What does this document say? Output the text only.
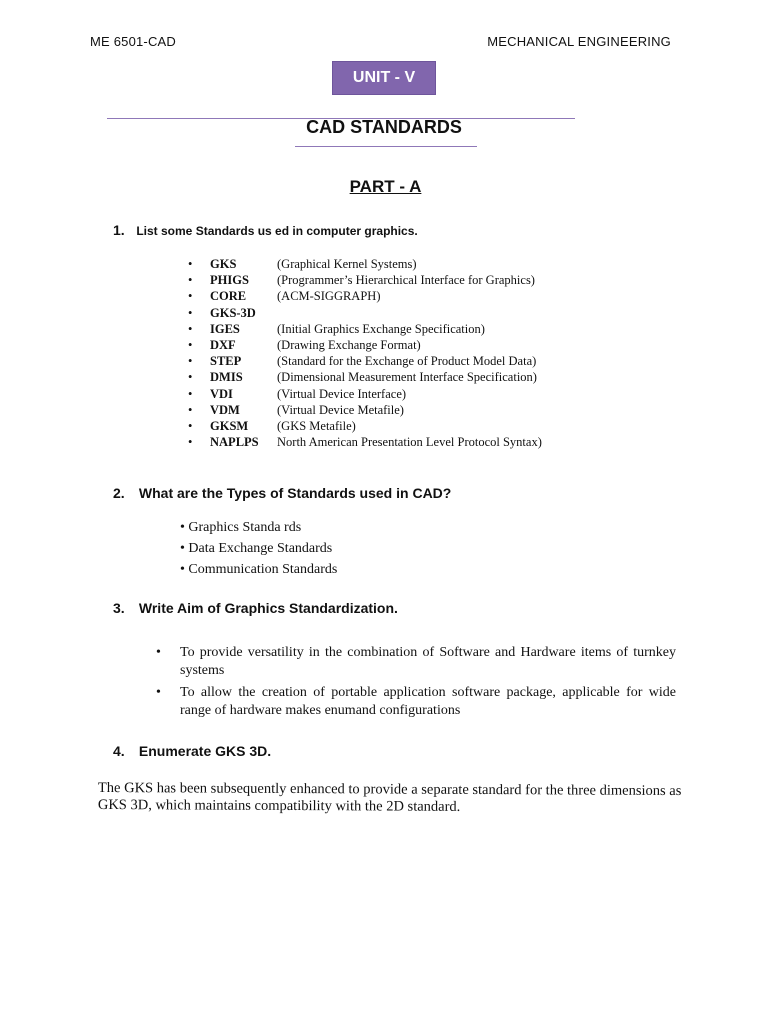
ME 6501-CAD	MECHANICAL ENGINEERING
UNIT - V
CAD STANDARDS
PART - A
1. List some Standards us ed in computer graphics.
•	GKS	(Graphical Kernel Systems)
•	PHIGS	(Programmer’s Hierarchical Interface for Graphics)
•	CORE	(ACM-SIGGRAPH)
•	GKS-3D
•	IGES	(Initial Graphics Exchange Specification)
•	DXF	(Drawing Exchange Format)
•	STEP	(Standard for the Exchange of Product Model Data)
•	DMIS	(Dimensional Measurement Interface Specification)
•	VDI	(Virtual Device Interface)
•	VDM	(Virtual Device Metafile)
•	GKSM	(GKS Metafile)
•	NAPLPS	North American Presentation Level Protocol Syntax)
2. What are the Types of Standards used in CAD?
• Graphics Standa rds
• Data Exchange Standards
• Communication Standards
3. Write Aim of Graphics Standardization.
•	To provide versatility in the combination of Software and Hardware items of turnkey systems
•	To allow the creation of portable application software package, applicable for wide range of hardware makes enumand configurations
4. Enumerate GKS 3D.
The GKS has been subsequently enhanced to provide a separate standard for the three dimensions as GKS 3D, which maintains compatibility with the 2D standard.
